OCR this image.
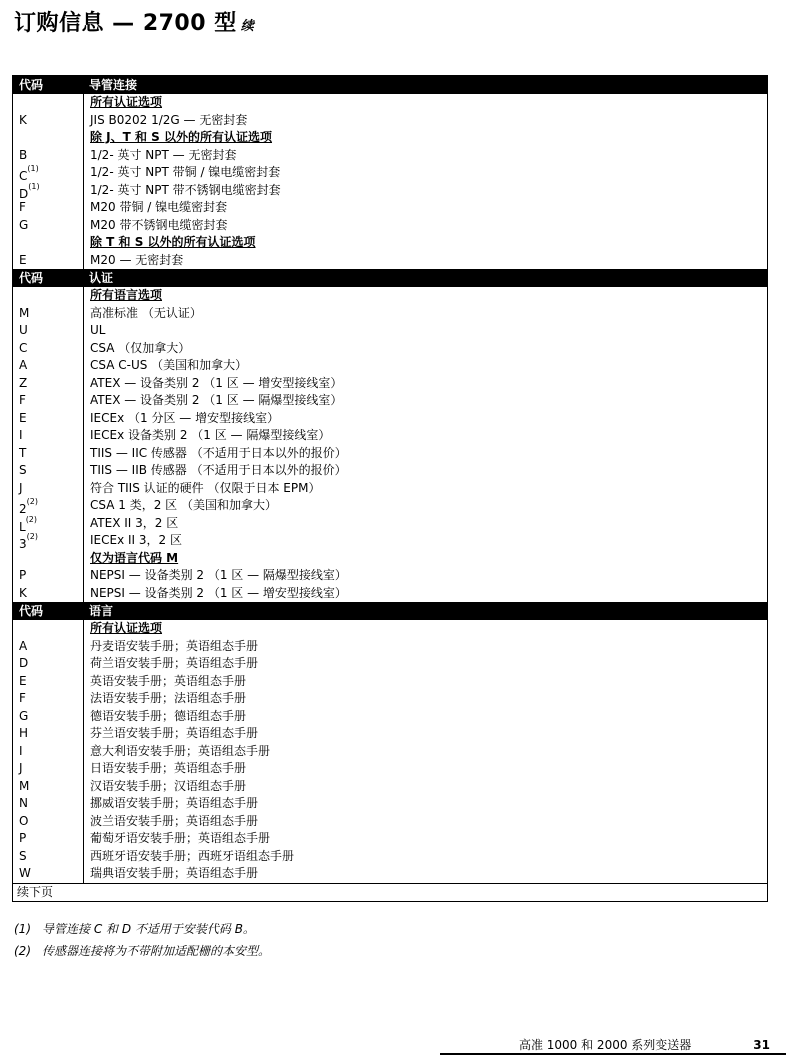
订购信息 — 2700 型 续
代码	导管连接
所有认证选项
K	JIS B0202 1/2G — 无密封套
除 J、T 和 S 以外的所有认证选项
B	1/2- 英寸 NPT — 无密封套
$C^{(1)}$	1/2- 英寸 NPT 带铜 / 镍电缆密封套
$D^{(1)}$	1/2- 英寸 NPT 带不锈钢电缆密封套
F	M20 带铜 / 镍电缆密封套
G	M20 带不锈钢电缆密封套
除 T 和 S 以外的所有认证选项
E	M20 — 无密封套
代码	认证
所有语言选项
M	高准标准 （无认证）
U	UL
C	CSA （仅加拿大）
A	CSA C-US （美国和加拿大）
Z	ATEX — 设备类别 2 （1 区 — 增安型接线室）
F	ATEX — 设备类别 2 （1 区 — 隔爆型接线室）
E	IECEx （1 分区 — 增安型接线室）
I	IECEx 设备类别 2 （1 区 — 隔爆型接线室）
T	TIIS — IIC 传感器 （不适用于日本以外的报价）
S	TIIS — IIB 传感器 （不适用于日本以外的报价）
J	符合 TIIS 认证的硬件 （仅限于日本 EPM）
2$^{(2)}$	CSA 1 类，2 区 （美国和加拿大）
$L^{(2)}$	ATEX II 3，2 区
3$^{(2)}$	IECEx II 3，2 区
仅为语言代码 M
P	NEPSI — 设备类别 2 （1 区 — 隔爆型接线室）
K	NEPSI — 设备类别 2 （1 区 — 增安型接线室）
代码	语言
所有认证选项
A	丹麦语安装手册；英语组态手册
D	荷兰语安装手册；英语组态手册
E	英语安装手册；英语组态手册
F	法语安装手册；法语组态手册
G	德语安装手册；德语组态手册
H	芬兰语安装手册；英语组态手册
I	意大利语安装手册；英语组态手册
J	日语安装手册；英语组态手册
M	汉语安装手册；汉语组态手册
N	挪威语安装手册；英语组态手册
O	波兰语安装手册；英语组态手册
P	葡萄牙语安装手册；英语组态手册
S	西班牙语安装手册；西班牙语组态手册
W	瑞典语安装手册；英语组态手册
续下页
(1) 导管连接 C 和 D 不适用于安装代码 B。
(2) 传感器连接将为不带附加适配栅的本安型。
高准 1000 和 2000 系列变送器	31
